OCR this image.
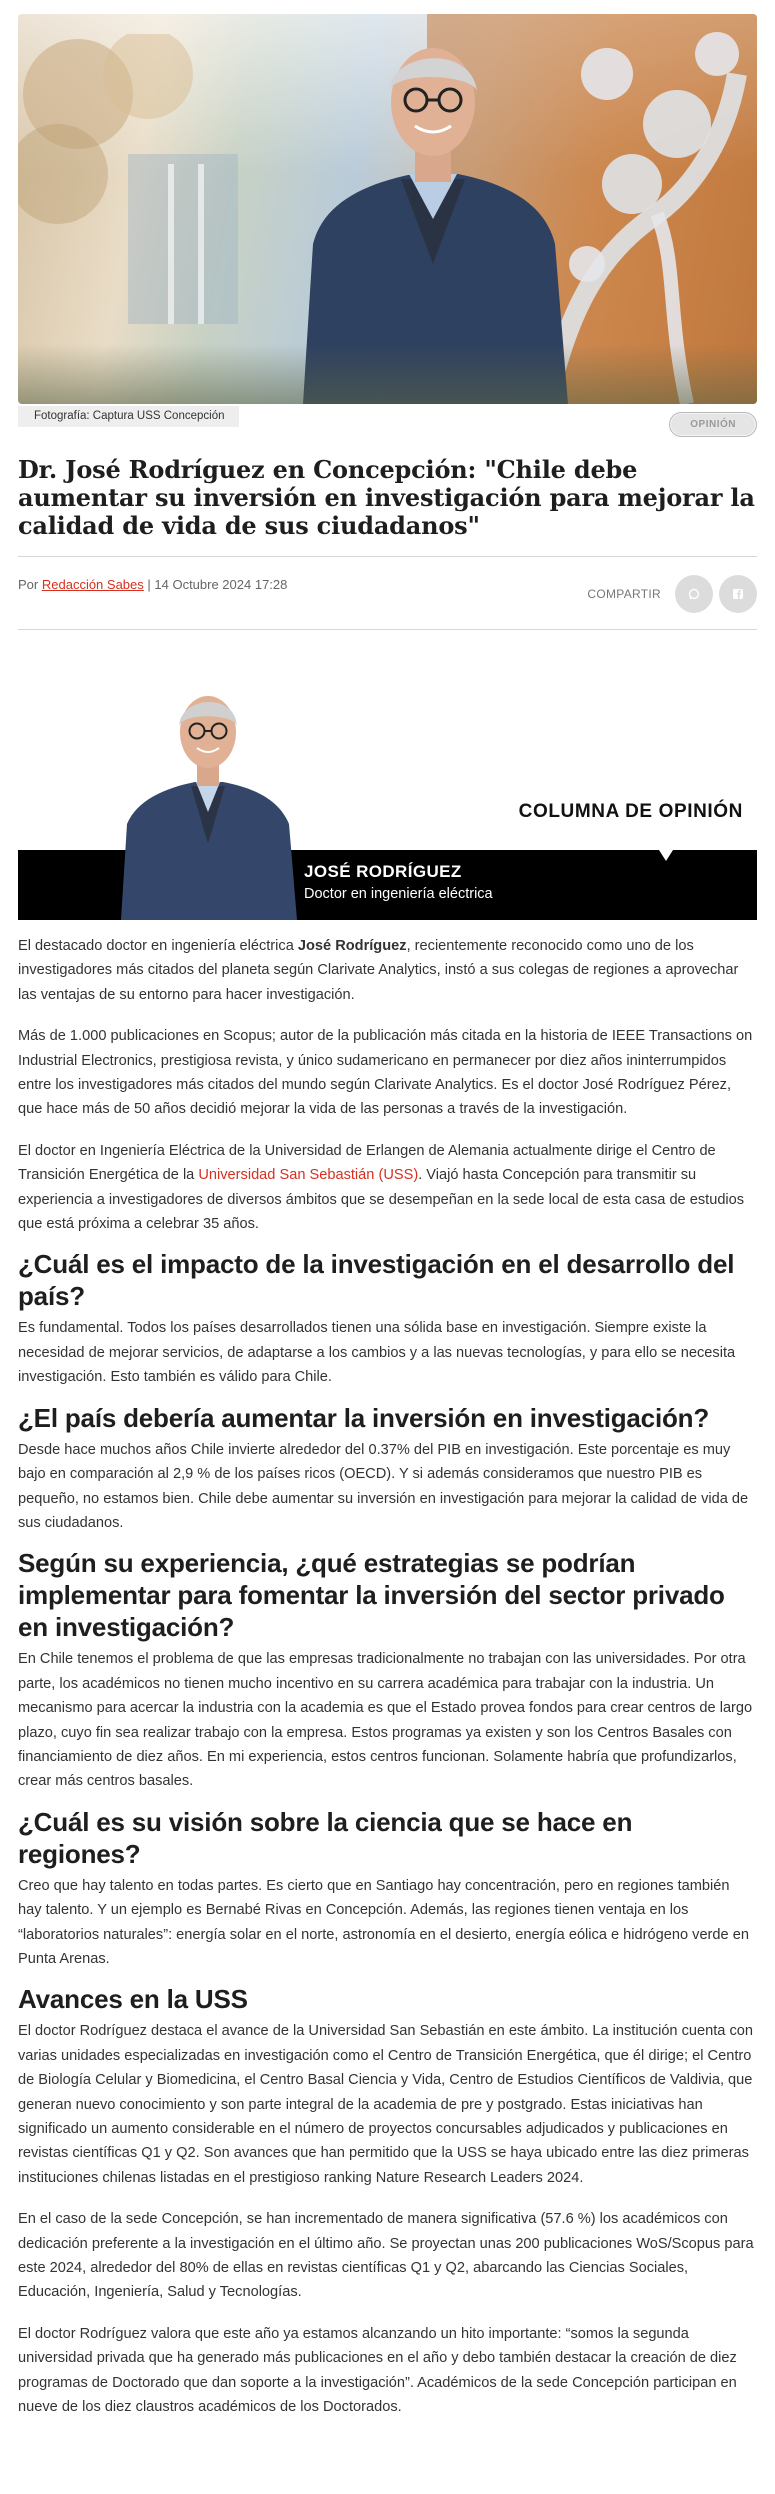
Fotografía: Captura USS Concepción
OPINIÓN
Dr. José Rodríguez en Concepción: "Chile debe aumentar su inversión en investigación para mejorar la calidad de vida de sus ciudadanos"
Por Redacción Sabes | 14 Octubre 2024 17:28
COMPARTIR
COLUMNA DE OPINIÓN
JOSÉ RODRÍGUEZ
Doctor en ingeniería eléctrica

El destacado doctor en ingeniería eléctrica José Rodríguez, recientemente reconocido como uno de los investigadores más citados del planeta según Clarivate Analytics, instó a sus colegas de regiones a aprovechar las ventajas de su entorno para hacer investigación.

Más de 1.000 publicaciones en Scopus; autor de la publicación más citada en la historia de IEEE Transactions on Industrial Electronics, prestigiosa revista, y único sudamericano en permanecer por diez años ininterrumpidos entre los investigadores más citados del mundo según Clarivate Analytics. Es el doctor José Rodríguez Pérez, que hace más de 50 años decidió mejorar la vida de las personas a través de la investigación.

El doctor en Ingeniería Eléctrica de la Universidad de Erlangen de Alemania actualmente dirige el Centro de Transición Energética de la Universidad San Sebastián (USS). Viajó hasta Concepción para transmitir su experiencia a investigadores de diversos ámbitos que se desempeñan en la sede local de esta casa de estudios que está próxima a celebrar 35 años.

¿Cuál es el impacto de la investigación en el desarrollo del país?

Es fundamental. Todos los países desarrollados tienen una sólida base en investigación. Siempre existe la necesidad de mejorar servicios, de adaptarse a los cambios y a las nuevas tecnologías, y para ello se necesita investigación. Esto también es válido para Chile.

¿El país debería aumentar la inversión en investigación?

Desde hace muchos años Chile invierte alrededor del 0.37% del PIB en investigación. Este porcentaje es muy bajo en comparación al 2,9 % de los países ricos (OECD). Y si además consideramos que nuestro PIB es pequeño, no estamos bien. Chile debe aumentar su inversión en investigación para mejorar la calidad de vida de sus ciudadanos.

Según su experiencia, ¿qué estrategias se podrían implementar para fomentar la inversión del sector privado en investigación?

En Chile tenemos el problema de que las empresas tradicionalmente no trabajan con las universidades. Por otra parte, los académicos no tienen mucho incentivo en su carrera académica para trabajar con la industria. Un mecanismo para acercar la industria con la academia es que el Estado provea fondos para crear centros de largo plazo, cuyo fin sea realizar trabajo con la empresa. Estos programas ya existen y son los Centros Basales con financiamiento de diez años. En mi experiencia, estos centros funcionan. Solamente habría que profundizarlos, crear más centros basales.

¿Cuál es su visión sobre la ciencia que se hace en regiones?

Creo que hay talento en todas partes. Es cierto que en Santiago hay concentración, pero en regiones también hay talento. Y un ejemplo es Bernabé Rivas en Concepción. Además, las regiones tienen ventaja en los “laboratorios naturales”: energía solar en el norte, astronomía en el desierto, energía eólica e hidrógeno verde en Punta Arenas.

Avances en la USS

El doctor Rodríguez destaca el avance de la Universidad San Sebastián en este ámbito. La institución cuenta con varias unidades especializadas en investigación como el Centro de Transición Energética, que él dirige; el Centro de Biología Celular y Biomedicina, el Centro Basal Ciencia y Vida, Centro de Estudios Científicos de Valdivia, que generan nuevo conocimiento y son parte integral de la academia de pre y postgrado. Estas iniciativas han significado un aumento considerable en el número de proyectos concursables adjudicados y publicaciones en revistas científicas Q1 y Q2. Son avances que han permitido que la USS se haya ubicado entre las diez primeras instituciones chilenas listadas en el prestigioso ranking Nature Research Leaders 2024.

En el caso de la sede Concepción, se han incrementado de manera significativa (57.6 %) los académicos con dedicación preferente a la investigación en el último año. Se proyectan unas 200 publicaciones WoS/Scopus para este 2024, alrededor del 80% de ellas en revistas científicas Q1 y Q2, abarcando las Ciencias Sociales, Educación, Ingeniería, Salud y Tecnologías.

El doctor Rodríguez valora que este año ya estamos alcanzando un hito importante: “somos la segunda universidad privada que ha generado más publicaciones en el año y debo también destacar la creación de diez programas de Doctorado que dan soporte a la investigación”. Académicos de la sede Concepción participan en nueve de los diez claustros académicos de los Doctorados.
